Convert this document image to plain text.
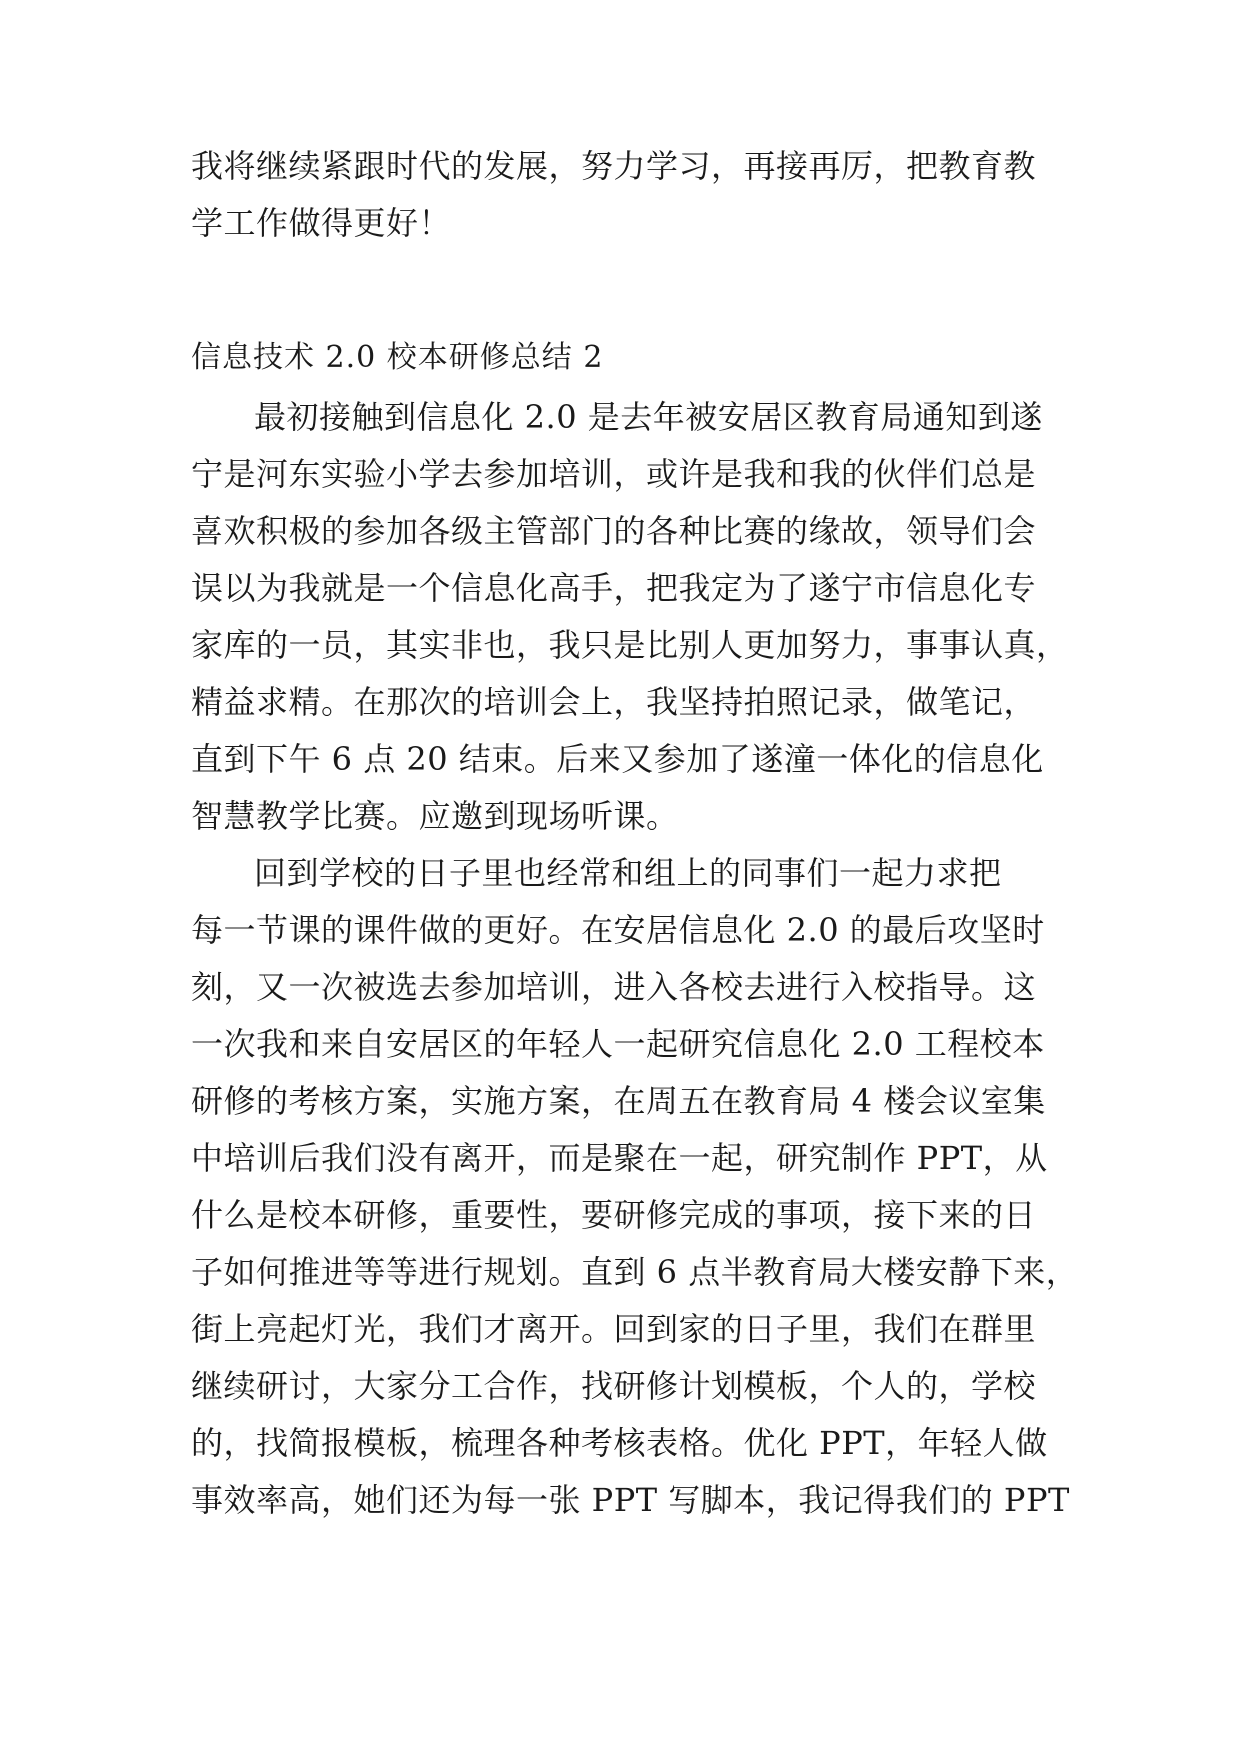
我将继续紧跟时代的发展，努力学习，再接再厉，把教育教
学工作做得更好！
信息技术 2.0 校本研修总结 2
最初接触到信息化 2.0 是去年被安居区教育局通知到遂
宁是河东实验小学去参加培训，或许是我和我的伙伴们总是
喜欢积极的参加各级主管部门的各种比赛的缘故，领导们会
误以为我就是一个信息化高手，把我定为了遂宁市信息化专
家库的一员，其实非也，我只是比别人更加努力，事事认真，
精益求精。在那次的培训会上，我坚持拍照记录，做笔记，
直到下午 6 点 20 结束。后来又参加了遂潼一体化的信息化
智慧教学比赛。应邀到现场听课。
回到学校的日子里也经常和组上的同事们一起力求把
每一节课的课件做的更好。在安居信息化 2.0 的最后攻坚时
刻，又一次被选去参加培训，进入各校去进行入校指导。这
一次我和来自安居区的年轻人一起研究信息化 2.0 工程校本
研修的考核方案，实施方案，在周五在教育局 4 楼会议室集
中培训后我们没有离开，而是聚在一起，研究制作 PPT，从
什么是校本研修，重要性，要研修完成的事项，接下来的日
子如何推进等等进行规划。直到 6 点半教育局大楼安静下来，
街上亮起灯光，我们才离开。回到家的日子里，我们在群里
继续研讨，大家分工合作，找研修计划模板，个人的，学校
的，找简报模板，梳理各种考核表格。优化 PPT，年轻人做
事效率高，她们还为每一张 PPT 写脚本，我记得我们的 PPT
